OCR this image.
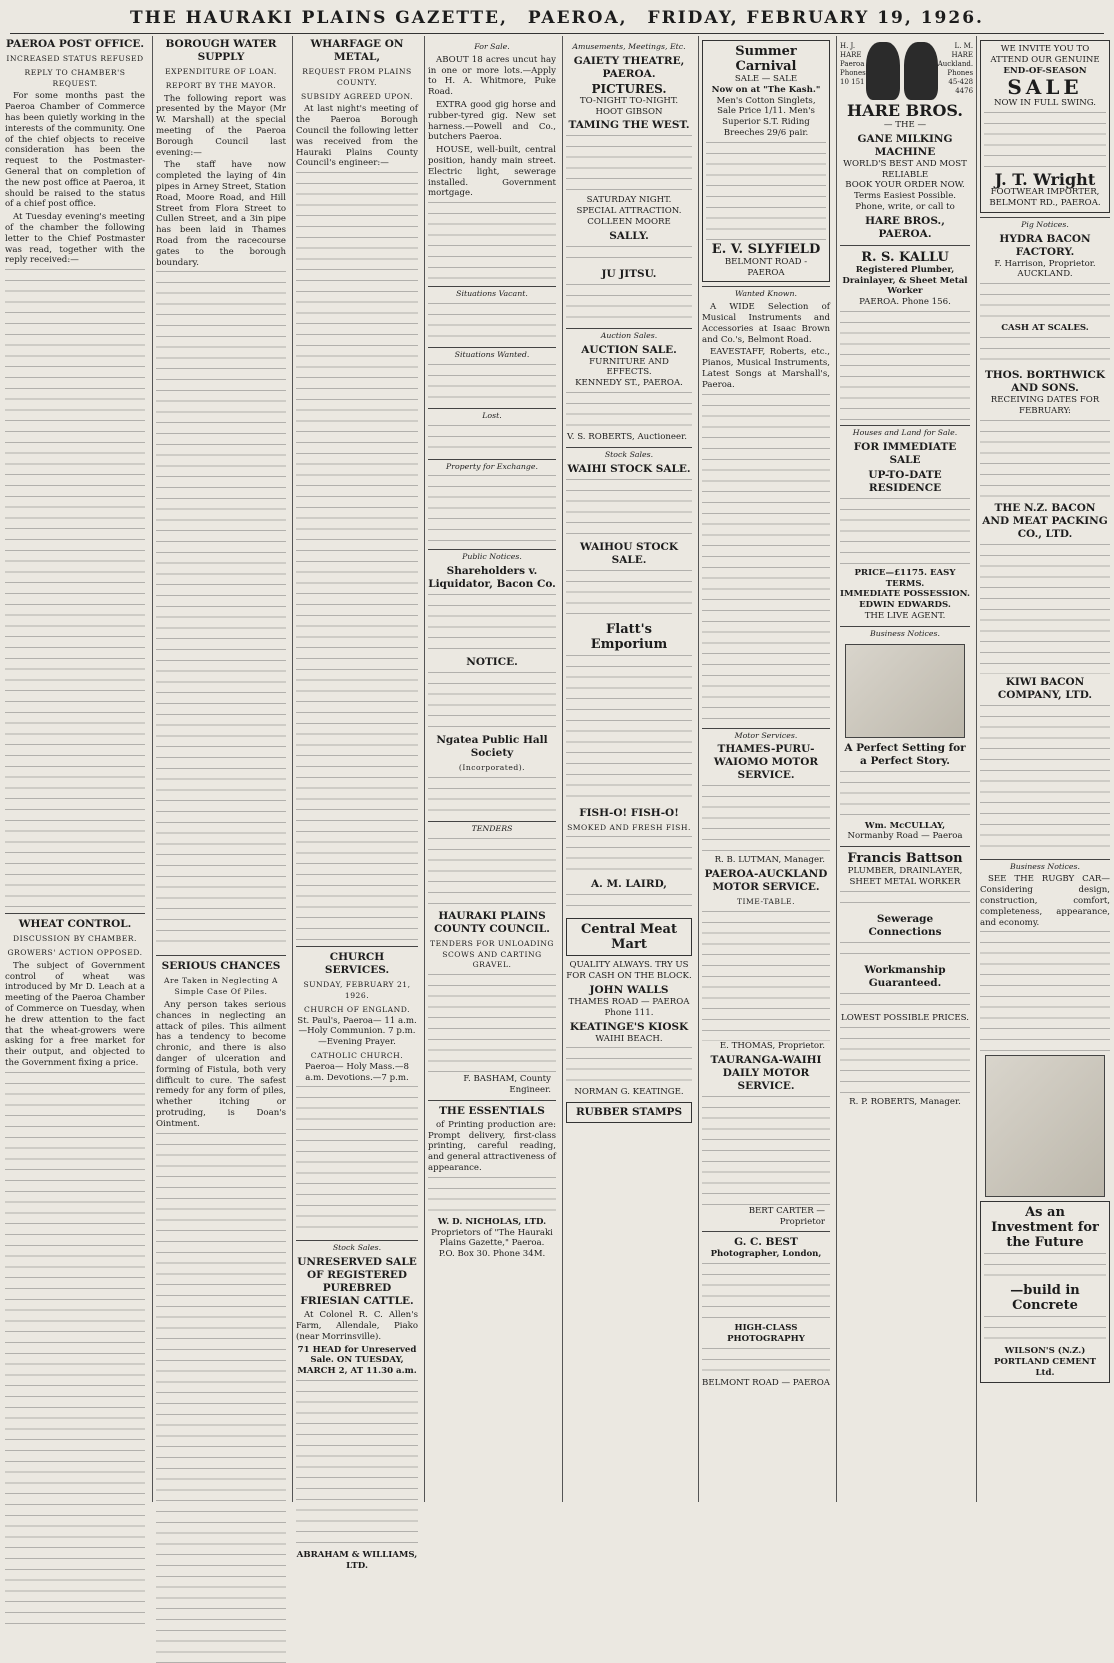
THE HAURAKI PLAINS GAZETTE, PAEROA, FRIDAY, FEBRUARY 19, 1926.
PAEROA POST OFFICE.
INCREASED STATUS REFUSED
REPLY TO CHAMBER'S REQUEST.

For some months past the Paeroa Chamber of Commerce has been quietly working in the interests of the community. One of the chief objects to receive consideration has been the request to the Postmaster-General that on completion of the new post office at Paeroa, it should be raised to the status of a chief post office.

At Tuesday evening's meeting of the chamber the following letter to the Chief Postmaster was read, together with the reply received:—

WHEAT CONTROL.
DISCUSSION BY CHAMBER.
GROWERS' ACTION OPPOSED.

The subject of Government control of wheat was introduced by Mr D. Leach at a meeting of the Paeroa Chamber of Commerce on Tuesday, when he drew attention to the fact that the wheat-growers were asking for a free market for their output, and objected to the Government fixing a price.

BOROUGH WATER SUPPLY
EXPENDITURE OF LOAN.
REPORT BY THE MAYOR.

The following report was presented by the Mayor (Mr W. Marshall) at the special meeting of the Paeroa Borough Council last evening:—

The staff have now completed the laying of 4in pipes in Arney Street, Station Road, Moore Road, and Hill Street from Flora Street to Cullen Street, and a 3in pipe has been laid in Thames Road from the racecourse gates to the borough boundary.

SERIOUS CHANCES
Are Taken in Neglecting A Simple Case Of Piles.

Any person takes serious chances in neglecting an attack of piles. This ailment has a tendency to become chronic, and there is also danger of ulceration and forming of Fistula, both very difficult to cure. The safest remedy for any form of piles, whether itching or protruding, is Doan's Ointment.

WHARFAGE ON METAL,
REQUEST FROM PLAINS COUNTY.
SUBSIDY AGREED UPON.

At last night's meeting of the Paeroa Borough Council the following letter was received from the Hauraki Plains County Council's engineer:—

CHURCH SERVICES.
SUNDAY, FEBRUARY 21, 1926.
CHURCH OF ENGLAND.
St. Paul's, Paeroa— 11 a.m.—Holy Communion. 7 p.m.—Evening Prayer.
CATHOLIC CHURCH.
Paeroa— Holy Mass.—8 a.m. Devotions.—7 p.m.
Stock Sales.
UNRESERVED SALE OF REGISTERED PUREBRED FRIESIAN CATTLE.

At Colonel R. C. Allen's Farm, Allendale, Piako (near Morrinsville).

71 HEAD for Unreserved Sale. ON TUESDAY, MARCH 2, AT 11.30 a.m.
ABRAHAM & WILLIAMS, LTD.
For Sale.

ABOUT 18 acres uncut hay in one or more lots.—Apply to H. A. Whitmore, Puke Road.

EXTRA good gig horse and rubber-tyred gig. New set harness.—Powell and Co., butchers Paeroa.

HOUSE, well-built, central position, handy main street. Electric light, sewerage installed. Government mortgage.

Situations Vacant.
Situations Wanted.
Lost.
Property for Exchange.
Public Notices.
Shareholders v. Liquidator, Bacon Co.
NOTICE.
Ngatea Public Hall Society
(Incorporated).
TENDERS
HAURAKI PLAINS COUNTY COUNCIL.
TENDERS FOR UNLOADING SCOWS AND CARTING GRAVEL.
F. BASHAM, County Engineer.
THE ESSENTIALS

of Printing production are: Prompt delivery, first-class printing, careful reading, and general attractiveness of appearance.

W. D. NICHOLAS, LTD.
Proprietors of "The Hauraki Plains Gazette," Paeroa.
P.O. Box 30. Phone 34M.
Amusements, Meetings, Etc.
GAIETY THEATRE, PAEROA.
PICTURES.
TO-NIGHT TO-NIGHT.
HOOT GIBSON
TAMING THE WEST.
SATURDAY NIGHT.
SPECIAL ATTRACTION.
COLLEEN MOORE
SALLY.
JU JITSU.
Auction Sales.
AUCTION SALE.
FURNITURE AND EFFECTS.
KENNEDY ST., PAEROA.
V. S. ROBERTS, Auctioneer.
Stock Sales.
WAIHI STOCK SALE.
WAIHOU STOCK SALE.
Flatt's Emporium
FISH-O! FISH-O!
SMOKED AND FRESH FISH.
A. M. LAIRD,
Central Meat Mart
QUALITY ALWAYS. TRY US FOR CASH ON THE BLOCK.
JOHN WALLS
THAMES ROAD — PAEROA
Phone 111.
KEATINGE'S KIOSK
WAIHI BEACH.
NORMAN G. KEATINGE.
RUBBER STAMPS
Summer Carnival
SALE — SALE
Now on at "The Kash."
Men's Cotton Singlets, Sale Price 1/11. Men's Superior S.T. Riding Breeches 29/6 pair.
E. V. SLYFIELD
BELMONT ROAD - PAEROA
Wanted Known.

A WIDE Selection of Musical Instruments and Accessories at Isaac Brown and Co.'s, Belmont Road.

EAVESTAFF, Roberts, etc., Pianos, Musical Instruments, Latest Songs at Marshall's, Paeroa.

Motor Services.
THAMES-PURU-WAIOMO MOTOR SERVICE.
R. B. LUTMAN, Manager.
PAEROA-AUCKLAND MOTOR SERVICE.
TIME-TABLE.
E. THOMAS, Proprietor.
TAURANGA-WAIHI DAILY MOTOR SERVICE.
BERT CARTER — Proprietor
G. C. BEST
Photographer, London,
HIGH-CLASS PHOTOGRAPHY
BELMONT ROAD — PAEROA
H. J. HARE Paeroa Phones 10 151
L. M. HARE Auckland. Phones 45-428 4476
HARE BROS.
— THE —
GANE MILKING MACHINE
WORLD'S BEST AND MOST RELIABLE
BOOK YOUR ORDER NOW.
Terms Easiest Possible.
Phone, write, or call to
HARE BROS., PAEROA.
R. S. KALLU
Registered Plumber, Drainlayer, & Sheet Metal Worker
PAEROA. Phone 156.
Houses and Land for Sale.
FOR IMMEDIATE SALE
UP-TO-DATE RESIDENCE
PRICE—£1175. EASY TERMS.
IMMEDIATE POSSESSION.
EDWIN EDWARDS.
THE LIVE AGENT.
Business Notices.
A Perfect Setting for a Perfect Story.
Wm. McCULLAY,
Normanby Road — Paeroa
Francis Battson
PLUMBER, DRAINLAYER, SHEET METAL WORKER
Sewerage Connections
Workmanship Guaranteed.
LOWEST POSSIBLE PRICES.
R. P. ROBERTS, Manager.
WE INVITE YOU TO ATTEND OUR GENUINE
END-OF-SEASON
SALE
NOW IN FULL SWING.
J. T. Wright
FOOTWEAR IMPORTER, BELMONT RD., PAEROA.
Pig Notices.
HYDRA BACON FACTORY.
F. Harrison, Proprietor. AUCKLAND.
CASH AT SCALES.
THOS. BORTHWICK AND SONS.
RECEIVING DATES FOR FEBRUARY:
THE N.Z. BACON AND MEAT PACKING CO., LTD.
KIWI BACON COMPANY, LTD.
Business Notices.

SEE THE RUGBY CAR—Considering design, construction, comfort, completeness, appearance, and economy.

As an Investment for the Future
—build in Concrete
WILSON'S (N.Z.) PORTLAND CEMENT Ltd.
